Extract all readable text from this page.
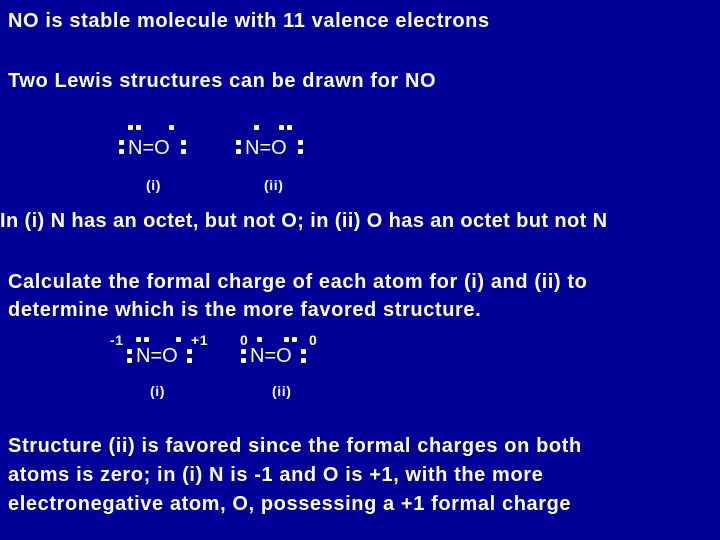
NO is stable molecule with 11 valence electrons

Two Lewis structures can be drawn for NO

N=O
(i)
N=O
(ii)

In (i) N has an octet, but not O; in (ii) O has an octet but not N

Calculate the formal charge of each atom for (i) and (ii) to

determine which is the more favored structure.

-1	+1
N=O
(i)
0	0
N=O
(ii)

Structure (ii) is favored since the formal charges on both

atoms is zero; in (i) N is -1 and O is +1, with the more

electronegative atom, O, possessing a +1 formal charge
